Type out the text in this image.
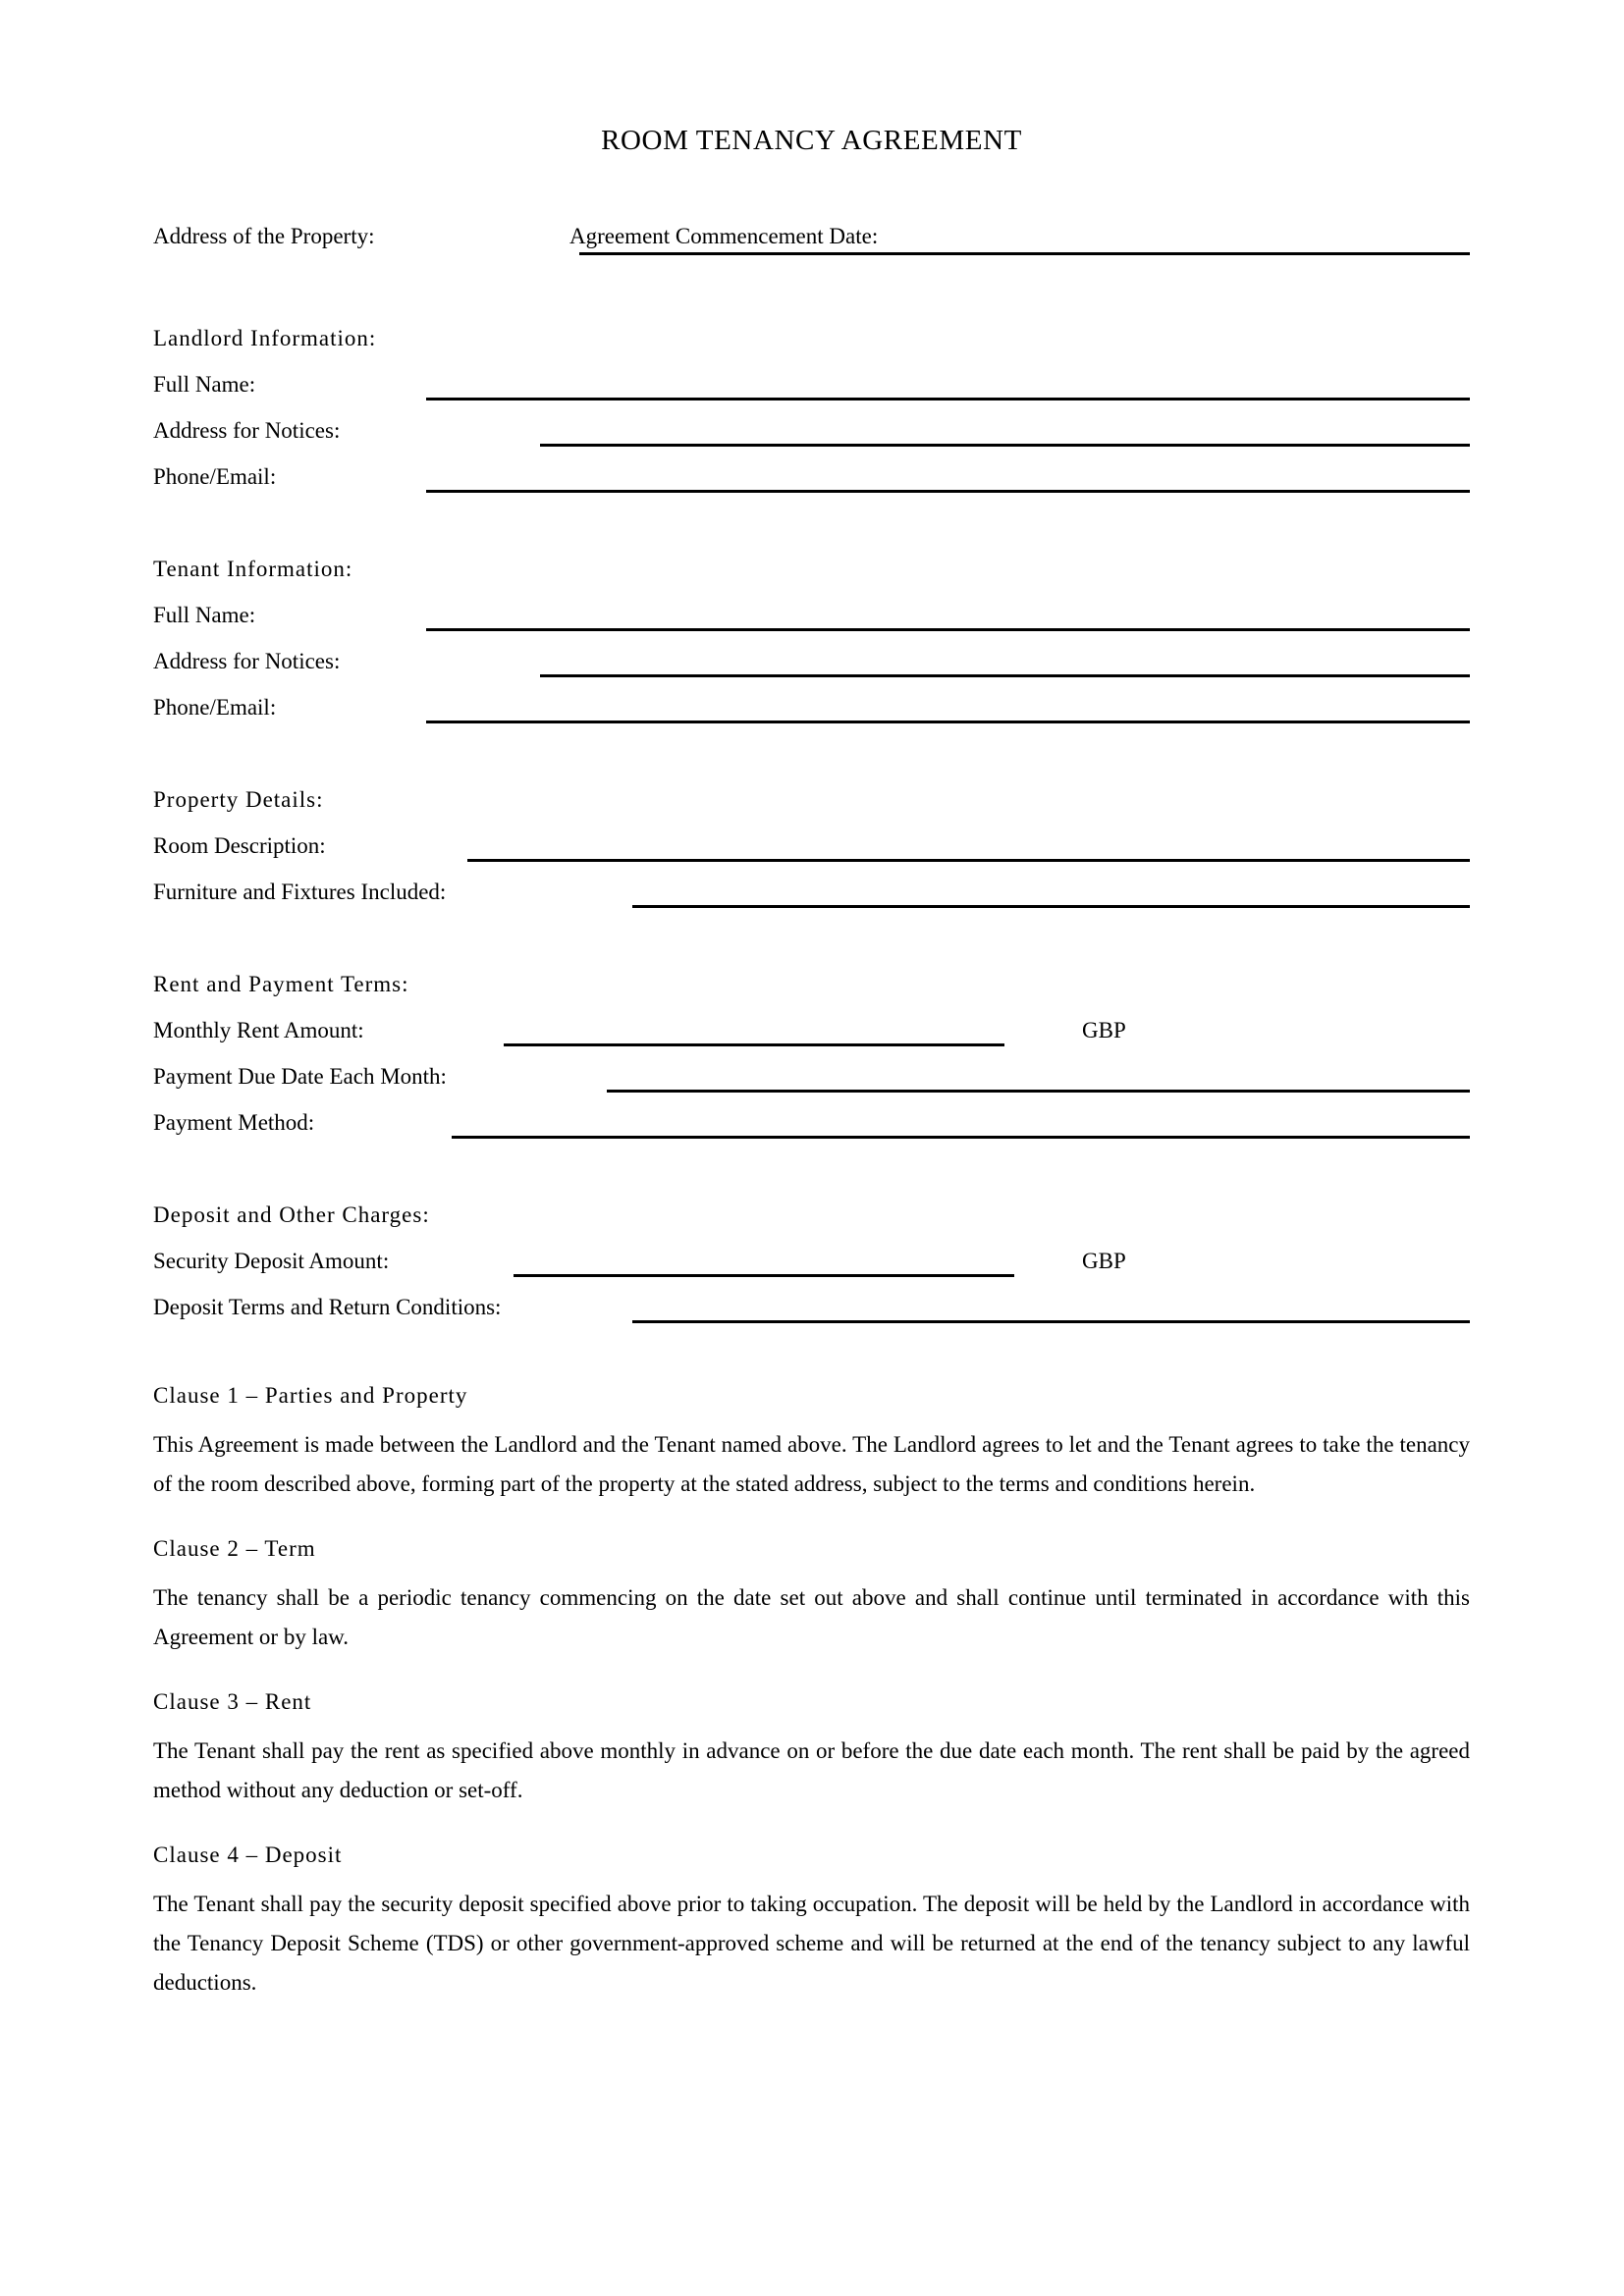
ROOM TENANCY AGREEMENT
Address of the Property:	Agreement Commencement Date:
Landlord Information:
Full Name:
Address for Notices:
Phone/Email:
Tenant Information:
Full Name:
Address for Notices:
Phone/Email:
Property Details:
Room Description:
Furniture and Fixtures Included:
Rent and Payment Terms:
Monthly Rent Amount:	GBP
Payment Due Date Each Month:
Payment Method:
Deposit and Other Charges:
Security Deposit Amount:	GBP
Deposit Terms and Return Conditions:
Clause 1 – Parties and Property
This Agreement is made between the Landlord and the Tenant named above. The Landlord agrees to let and the Tenant agrees to take the tenancy of the room described above, forming part of the property at the stated address, subject to the terms and conditions herein.
Clause 2 – Term
The tenancy shall be a periodic tenancy commencing on the date set out above and shall continue until terminated in accordance with this Agreement or by law.
Clause 3 – Rent
The Tenant shall pay the rent as specified above monthly in advance on or before the due date each month. The rent shall be paid by the agreed method without any deduction or set-off.
Clause 4 – Deposit
The Tenant shall pay the security deposit specified above prior to taking occupation. The deposit will be held by the Landlord in accordance with the Tenancy Deposit Scheme (TDS) or other government-approved scheme and will be returned at the end of the tenancy subject to any lawful deductions.
